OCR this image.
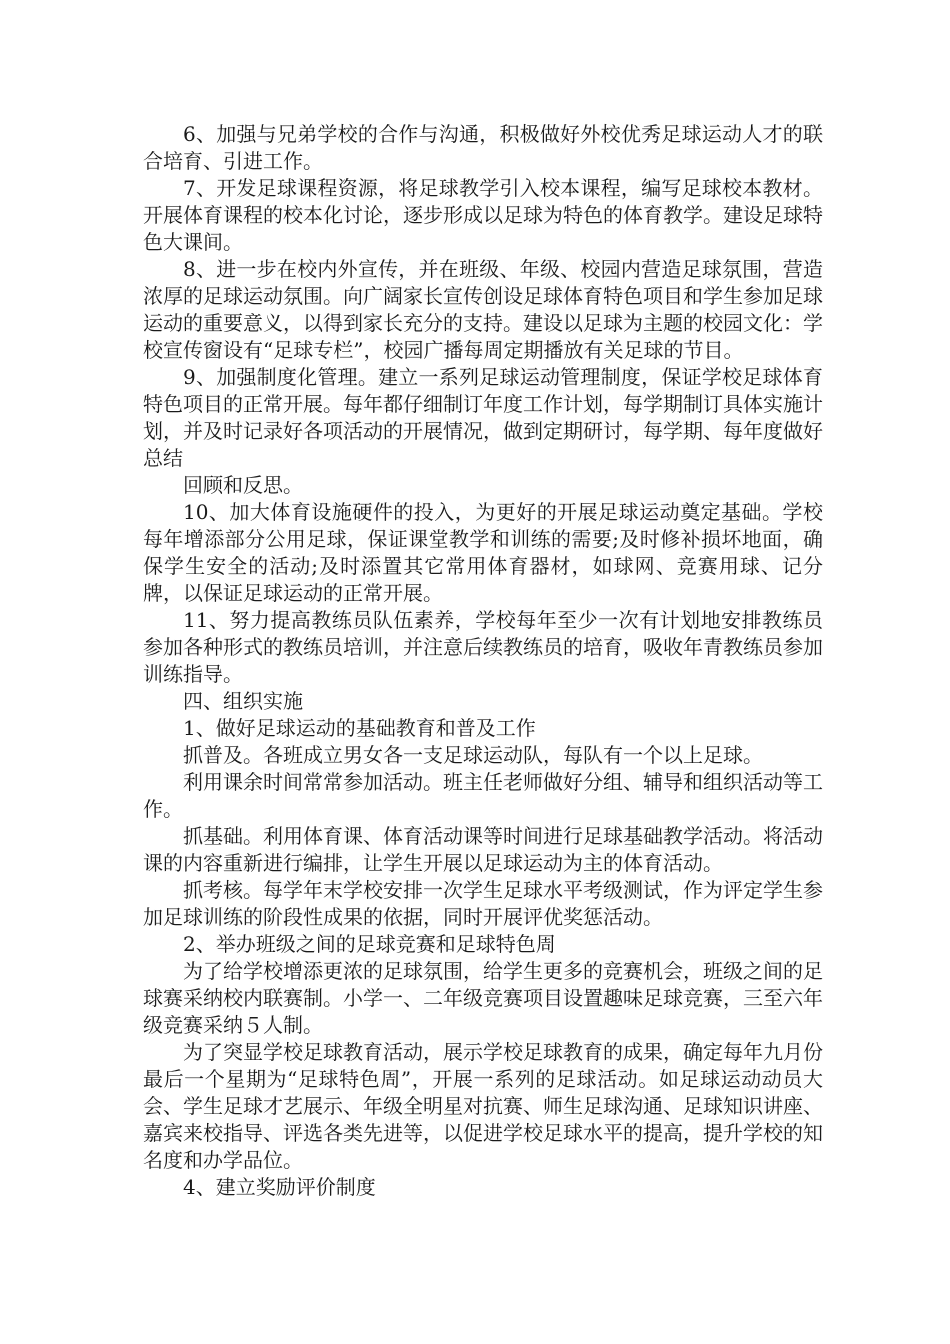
6、加强与兄弟学校的合作与沟通，积极做好外校优秀足球运动人才的联合培育、引进工作。

7、开发足球课程资源，将足球教学引入校本课程，编写足球校本教材。开展体育课程的校本化讨论，逐步形成以足球为特色的体育教学。建设足球特色大课间。

8、进一步在校内外宣传，并在班级、年级、校园内营造足球氛围，营造浓厚的足球运动氛围。向广阔家长宣传创设足球体育特色项目和学生参加足球运动的重要意义，以得到家长充分的支持。建设以足球为主题的校园文化：学校宣传窗设有“足球专栏”，校园广播每周定期播放有关足球的节目。

9、加强制度化管理。建立一系列足球运动管理制度，保证学校足球体育特色项目的正常开展。每年都仔细制订年度工作计划，每学期制订具体实施计划，并及时记录好各项活动的开展情况，做到定期研讨，每学期、每年度做好总结

回顾和反思。

10、加大体育设施硬件的投入，为更好的开展足球运动奠定基础。学校每年增添部分公用足球，保证课堂教学和训练的需要;及时修补损坏地面，确保学生安全的活动;及时添置其它常用体育器材，如球网、竞赛用球、记分牌，以保证足球运动的正常开展。

11、努力提高教练员队伍素养，学校每年至少一次有计划地安排教练员参加各种形式的教练员培训，并注意后续教练员的培育，吸收年青教练员参加训练指导。

四、组织实施

1、做好足球运动的基础教育和普及工作

抓普及。各班成立男女各一支足球运动队，每队有一个以上足球。

利用课余时间常常参加活动。班主任老师做好分组、辅导和组织活动等工作。

抓基础。利用体育课、体育活动课等时间进行足球基础教学活动。将活动课的内容重新进行编排，让学生开展以足球运动为主的体育活动。

抓考核。每学年末学校安排一次学生足球水平考级测试，作为评定学生参加足球训练的阶段性成果的依据，同时开展评优奖惩活动。

2、举办班级之间的足球竞赛和足球特色周

为了给学校增添更浓的足球氛围，给学生更多的竞赛机会，班级之间的足球赛采纳校内联赛制。小学一、二年级竞赛项目设置趣味足球竞赛，三至六年级竞赛采纳５人制。

为了突显学校足球教育活动，展示学校足球教育的成果，确定每年九月份最后一个星期为“足球特色周”，开展一系列的足球活动。如足球运动动员大会、学生足球才艺展示、年级全明星对抗赛、师生足球沟通、足球知识讲座、嘉宾来校指导、评选各类先进等，以促进学校足球水平的提高，提升学校的知名度和办学品位。

4、建立奖励评价制度
